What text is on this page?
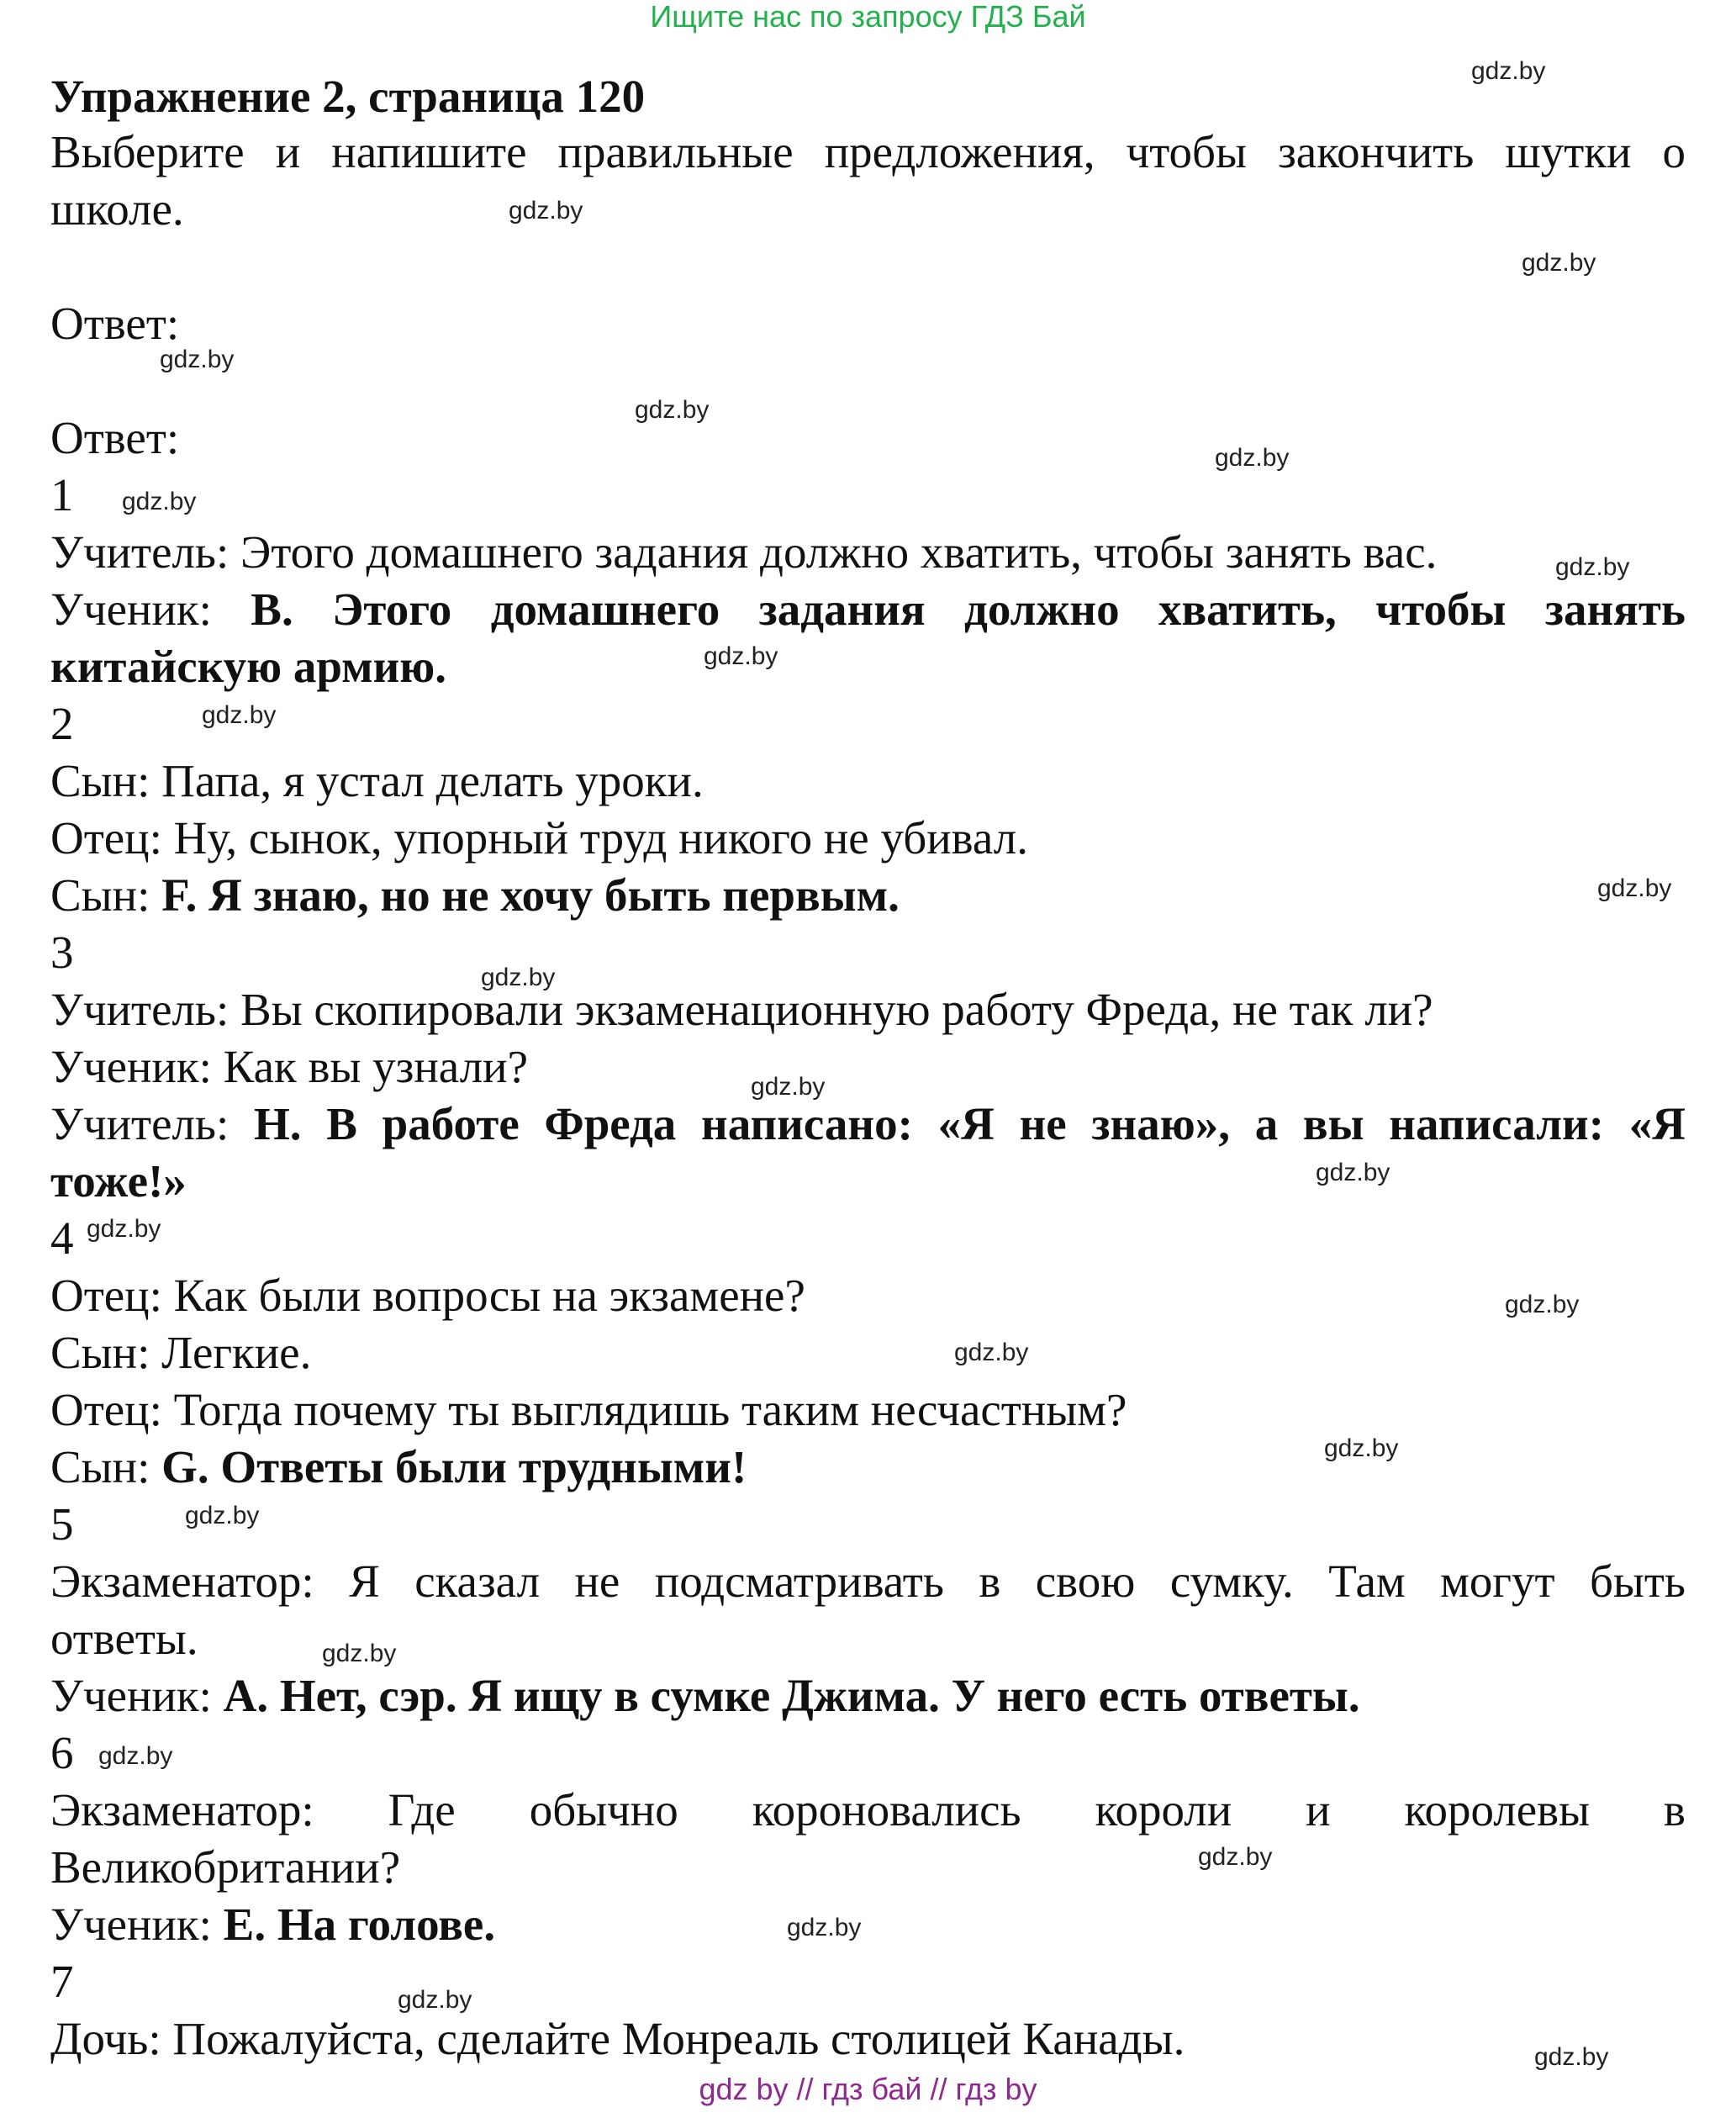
Ищите нас по запросу ГДЗ Бай
Упражнение 2, страница 120
Выберите и напишите правильные предложения, чтобы закончить шутки о
школе.
Ответ:
Ответ:
1
Учитель: Этого домашнего задания должно хватить, чтобы занять вас.
Ученик: B. Этого домашнего задания должно хватить, чтобы занять
китайскую армию.
2
Сын: Папа, я устал делать уроки.
Отец: Ну, сынок, упорный труд никого не убивал.
Сын: F. Я знаю, но не хочу быть первым.
3
Учитель: Вы скопировали экзаменационную работу Фреда, не так ли?
Ученик: Как вы узнали?
Учитель: H. В работе Фреда написано: «Я не знаю», а вы написали: «Я
тоже!»
4
Отец: Как были вопросы на экзамене?
Сын: Легкие.
Отец: Тогда почему ты выглядишь таким несчастным?
Сын: G. Ответы были трудными!
5
Экзаменатор: Я сказал не подсматривать в свою сумку. Там могут быть
ответы.
Ученик: A. Нет, сэр. Я ищу в сумке Джима. У него есть ответы.
6
Экзаменатор: Где обычно короновались короли и королевы в
Великобритании?
Ученик: E. На голове.
7
Дочь: Пожалуйста, сделайте Монреаль столицей Канады.
gdz.by
gdz.by
gdz.by
gdz.by
gdz.by
gdz.by
gdz.by
gdz.by
gdz.by
gdz.by
gdz.by
gdz.by
gdz.by
gdz.by
gdz.by
gdz.by
gdz.by
gdz.by
gdz.by
gdz.by
gdz.by
gdz.by
gdz.by
gdz.by
gdz.by
gdz by // гдз бай // гдз by
